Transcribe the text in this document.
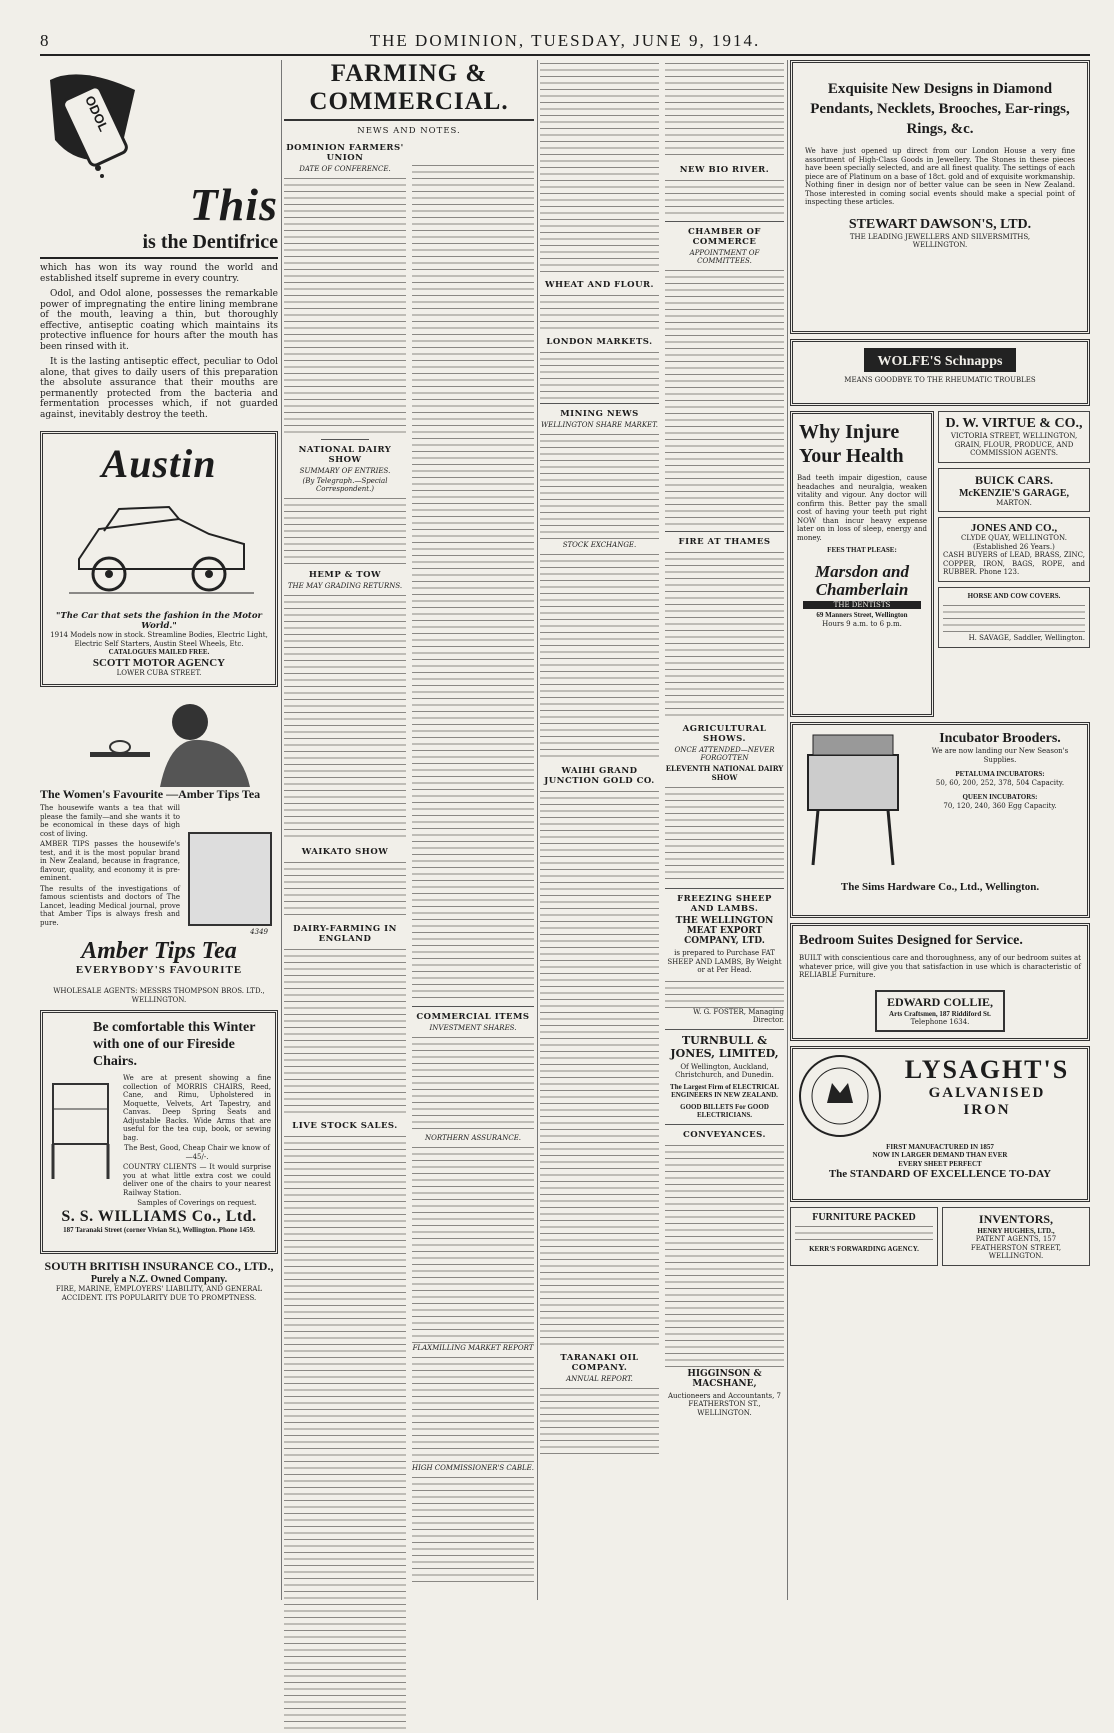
8	THE DOMINION, TUESDAY, JUNE 9, 1914.
ODOL
This
is the Dentifrice

which has won its way round the world and established itself supreme in every country.

Odol, and Odol alone, possesses the remarkable power of impregnating the entire lining membrane of the mouth, leaving a thin, but thoroughly effective, antiseptic coating which maintains its protective influence for hours after the mouth has been rinsed with it.

It is the lasting antiseptic effect, peculiar to Odol alone, that gives to daily users of this preparation the absolute assurance that their mouths are permanently protected from the bacteria and fermentation processes which, if not guarded against, inevitably destroy the teeth.

Austin
"The Car that sets the fashion in the Motor World."
1914 Models now in stock. Streamline Bodies, Electric Light, Electric Self Starters, Austin Steel Wheels, Etc.
CATALOGUES MAILED FREE.
SCOTT MOTOR AGENCY
LOWER CUBA STREET.
The Women's Favourite —Amber Tips Tea

The housewife wants a tea that will please the family—and she wants it to be economical in these days of high cost of living.

AMBER TIPS passes the housewife's test, and it is the most popular brand in New Zealand, because in fragrance, flavour, quality, and economy it is pre-eminent.

The results of the investigations of famous scientists and doctors of The Lancet, leading Medical journal, prove that Amber Tips is always fresh and pure.

4349
Amber Tips Tea
EVERYBODY'S FAVOURITE
WHOLESALE AGENTS: MESSRS THOMPSON BROS. LTD., WELLINGTON.
Be comfortable this Winter with one of our Fireside Chairs.

We are at present showing a fine collection of MORRIS CHAIRS, Reed, Cane, and Rimu, Upholstered in Moquette, Velvets, Art Tapestry, and Canvas. Deep Spring Seats and Adjustable Backs. Wide Arms that are useful for the tea cup, book, or sewing bag.

The Best, Good, Cheap Chair we know of—45/-.

COUNTRY CLIENTS — It would surprise you at what little extra cost we could deliver one of the chairs to your nearest Railway Station.

Samples of Coverings on request.

S. S. WILLIAMS Co., Ltd.
187 Taranaki Street (corner Vivian St.), Wellington. Phone 1459.
SOUTH BRITISH INSURANCE CO., LTD.,
Purely a N.Z. Owned Company.
FIRE, MARINE, EMPLOYERS' LIABILITY, AND GENERAL ACCIDENT. ITS POPULARITY DUE TO PROMPTNESS.
FARMING & COMMERCIAL.
NEWS AND NOTES.
DOMINION FARMERS' UNION
DATE OF CONFERENCE.
NATIONAL DAIRY SHOW
SUMMARY OF ENTRIES.
(By Telegraph.—Special Correspondent.)
HEMP & TOW
THE MAY GRADING RETURNS.
WAIKATO SHOW
DAIRY-FARMING IN ENGLAND
LIVE STOCK SALES.
COMMERCIAL ITEMS
INVESTMENT SHARES.
NORTHERN ASSURANCE.
FLAXMILLING MARKET REPORT
HIGH COMMISSIONER'S CABLE.
WHEAT AND FLOUR.
LONDON MARKETS.
MINING NEWS
WELLINGTON SHARE MARKET.
STOCK EXCHANGE.
WAIHI GRAND JUNCTION GOLD CO.
TARANAKI OIL COMPANY.
ANNUAL REPORT.
NEW BIO RIVER.
CHAMBER OF COMMERCE
APPOINTMENT OF COMMITTEES.
FIRE AT THAMES
AGRICULTURAL SHOWS.
ONCE ATTENDED—NEVER FORGOTTEN
ELEVENTH NATIONAL DAIRY SHOW
FREEZING SHEEP AND LAMBS.
THE WELLINGTON MEAT EXPORT COMPANY, LTD.
is prepared to Purchase FAT SHEEP AND LAMBS, By Weight or at Per Head.
W. G. FOSTER, Managing Director.
TURNBULL & JONES, LIMITED,
Of Wellington, Auckland, Christchurch, and Dunedin.
The Largest Firm of ELECTRICAL ENGINEERS IN NEW ZEALAND.
GOOD BILLETS For GOOD ELECTRICIANS.
CONVEYANCES.
HIGGINSON & MACSHANE,
Auctioneers and Accountants, 7 FEATHERSTON ST., WELLINGTON.
Exquisite New Designs in Diamond Pendants, Necklets, Brooches, Ear-rings, Rings, &c.

We have just opened up direct from our London House a very fine assortment of High-Class Goods in Jewellery. The Stones in these pieces have been specially selected, and are all finest quality. The settings of each piece are of Platinum on a base of 18ct. gold and of exquisite workmanship. Nothing finer in design nor of better value can be seen in New Zealand. Those interested in coming social events should make a special point of inspecting these articles.

STEWART DAWSON'S, LTD.
THE LEADING JEWELLERS AND SILVERSMITHS,
WELLINGTON.
WOLFE'S Schnapps
MEANS GOODBYE TO THE RHEUMATIC TROUBLES
Why Injure Your Health

Bad teeth impair digestion, cause headaches and neuralgia, weaken vitality and vigour. Any doctor will confirm this. Better pay the small cost of having your teeth put right NOW than incur heavy expense later on in loss of sleep, energy and money.

FEES THAT PLEASE:
Marsdon and Chamberlain
THE DENTISTS
69 Manners Street, Wellington
Hours 9 a.m. to 6 p.m.
D. W. VIRTUE & CO.,
VICTORIA STREET, WELLINGTON, GRAIN, FLOUR, PRODUCE, AND COMMISSION AGENTS.
BUICK CARS.
McKENZIE'S GARAGE,
MARTON.
JONES AND CO.,
CLYDE QUAY, WELLINGTON. (Established 26 Years.)
CASH BUYERS of LEAD, BRASS, ZINC, COPPER, IRON, BAGS, ROPE, and RUBBER. Phone 123.
HORSE AND COW COVERS.
H. SAVAGE, Saddler, Wellington.
Incubator Brooders.
We are now landing our New Season's Supplies.
PETALUMA INCUBATORS:
50, 60, 200, 252, 378, 504 Capacity.
QUEEN INCUBATORS:
70, 120, 240, 360 Egg Capacity.
The Sims Hardware Co., Ltd., Wellington.
Bedroom Suites Designed for Service.

BUILT with conscientious care and thoroughness, any of our bedroom suites at whatever price, will give you that satisfaction in use which is characteristic of RELIABLE Furniture.

EDWARD COLLIE,
Arts Craftsmen, 187 Riddiford St.
Telephone 1634.
LYSAGHT'S
GALVANISED
IRON
FIRST MANUFACTURED IN 1857
NOW IN LARGER DEMAND THAN EVER
EVERY SHEET PERFECT
The STANDARD OF EXCELLENCE TO-DAY
FURNITURE PACKED
KERR'S FORWARDING AGENCY.
INVENTORS,
HENRY HUGHES, LTD.,
PATENT AGENTS, 157 FEATHERSTON STREET, WELLINGTON.
